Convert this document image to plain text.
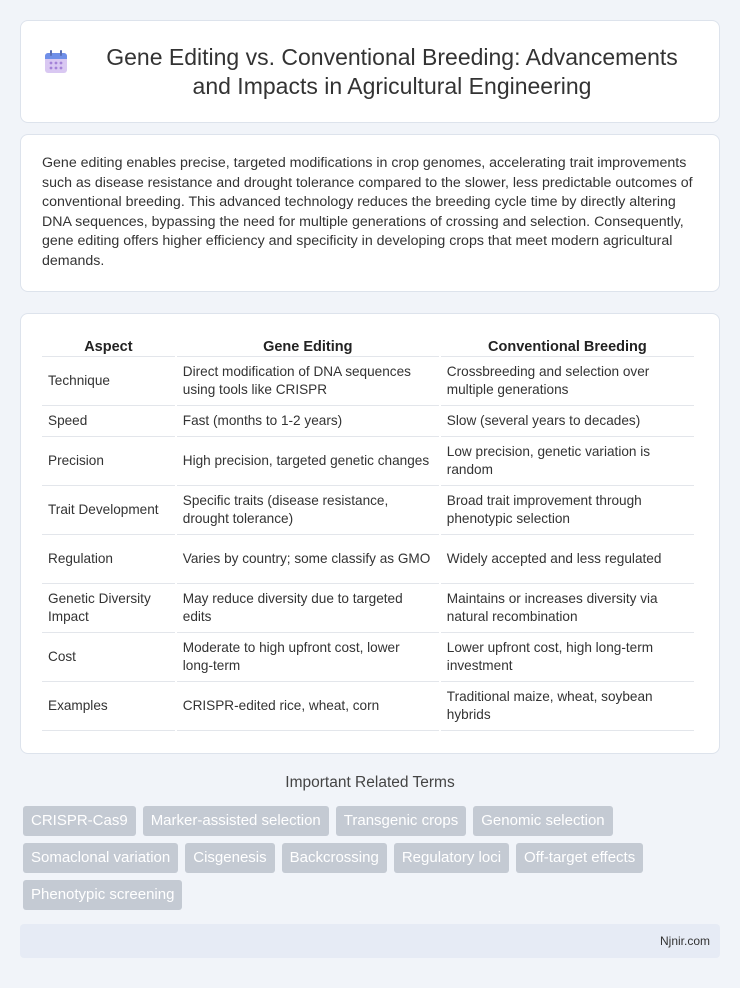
Gene Editing vs. Conventional Breeding: Advancements and Impacts in Agricultural Engineering

Gene editing enables precise, targeted modifications in crop genomes, accelerating trait improvements such as disease resistance and drought tolerance compared to the slower, less predictable outcomes of conventional breeding. This advanced technology reduces the breeding cycle time by directly altering DNA sequences, bypassing the need for multiple generations of crossing and selection. Consequently, gene editing offers higher efficiency and specificity in developing crops that meet modern agricultural demands.

Aspect	Gene Editing	Conventional Breeding
Technique	Direct modification of DNA sequences using tools like CRISPR	Crossbreeding and selection over multiple generations
Speed	Fast (months to 1-2 years)	Slow (several years to decades)
Precision	High precision, targeted genetic changes	Low precision, genetic variation is random
Trait Development	Specific traits (disease resistance, drought tolerance)	Broad trait improvement through phenotypic selection
Regulation	Varies by country; some classify as GMO	Widely accepted and less regulated
Genetic Diversity Impact	May reduce diversity due to targeted edits	Maintains or increases diversity via natural recombination
Cost	Moderate to high upfront cost, lower long-term	Lower upfront cost, high long-term investment
Examples	CRISPR-edited rice, wheat, corn	Traditional maize, wheat, soybean hybrids
Important Related Terms
CRISPR-Cas9	Marker-assisted selection	Transgenic crops	Genomic selection
Somaclonal variation	Cisgenesis	Backcrossing	Regulatory loci	Off-target effects
Phenotypic screening
Njnir.com
